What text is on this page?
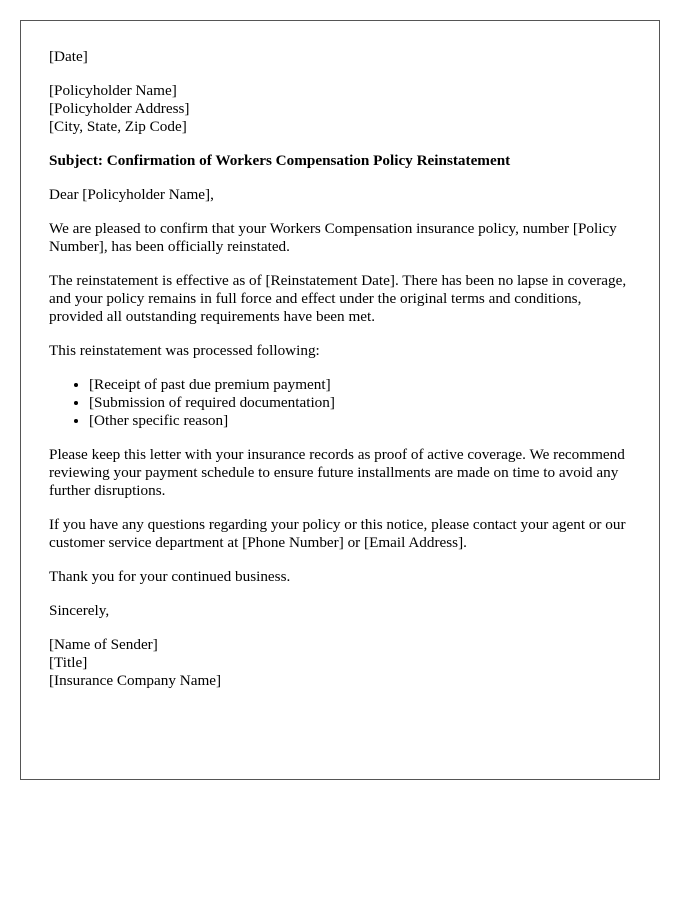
[Date]

[Policyholder Name]
[Policyholder Address]
[City, State, Zip Code]

Subject: Confirmation of Workers Compensation Policy Reinstatement

Dear [Policyholder Name],

We are pleased to confirm that your Workers Compensation insurance policy, number [Policy Number], has been officially reinstated.

The reinstatement is effective as of [Reinstatement Date]. There has been no lapse in coverage, and your policy remains in full force and effect under the original terms and conditions, provided all outstanding requirements have been met.

This reinstatement was processed following:

• [Receipt of past due premium payment]
• [Submission of required documentation]
• [Other specific reason]

Please keep this letter with your insurance records as proof of active coverage. We recommend reviewing your payment schedule to ensure future installments are made on time to avoid any further disruptions.

If you have any questions regarding your policy or this notice, please contact your agent or our customer service department at [Phone Number] or [Email Address].

Thank you for your continued business.

Sincerely,

[Name of Sender]
[Title]
[Insurance Company Name]
